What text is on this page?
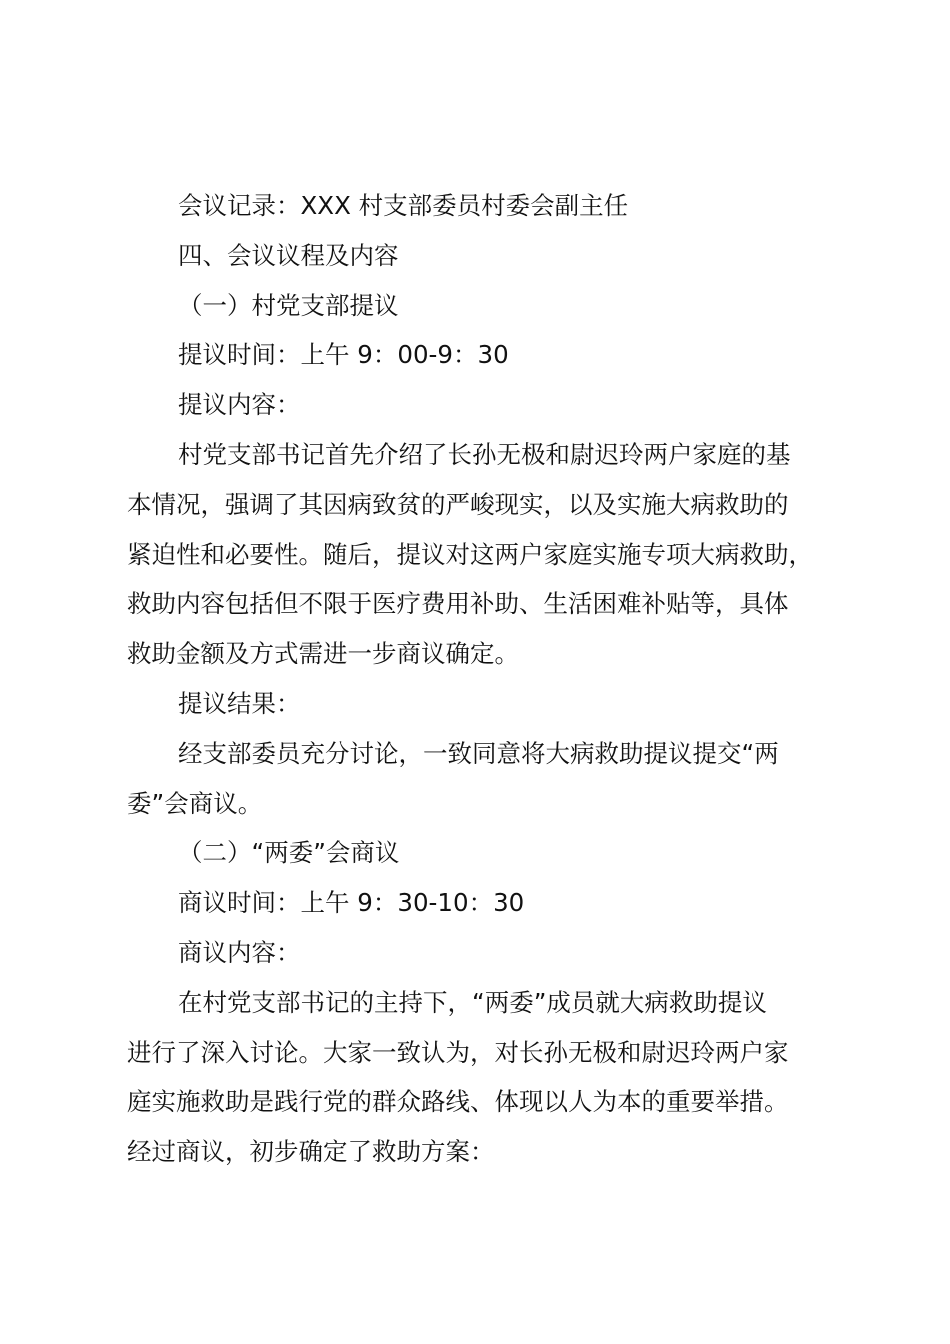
会议记录：XXX 村支部委员村委会副主任
四、会议议程及内容
（一）村党支部提议
提议时间：上午 9：00-9：30
提议内容：
村党支部书记首先介绍了长孙无极和尉迟玲两户家庭的基
本情况，强调了其因病致贫的严峻现实，以及实施大病救助的
紧迫性和必要性。随后，提议对这两户家庭实施专项大病救助，
救助内容包括但不限于医疗费用补助、生活困难补贴等，具体
救助金额及方式需进一步商议确定。
提议结果：
经支部委员充分讨论，一致同意将大病救助提议提交“两
委”会商议。
（二）“两委”会商议
商议时间：上午 9：30-10：30
商议内容：
在村党支部书记的主持下，“两委”成员就大病救助提议
进行了深入讨论。大家一致认为，对长孙无极和尉迟玲两户家
庭实施救助是践行党的群众路线、体现以人为本的重要举措。
经过商议，初步确定了救助方案：
